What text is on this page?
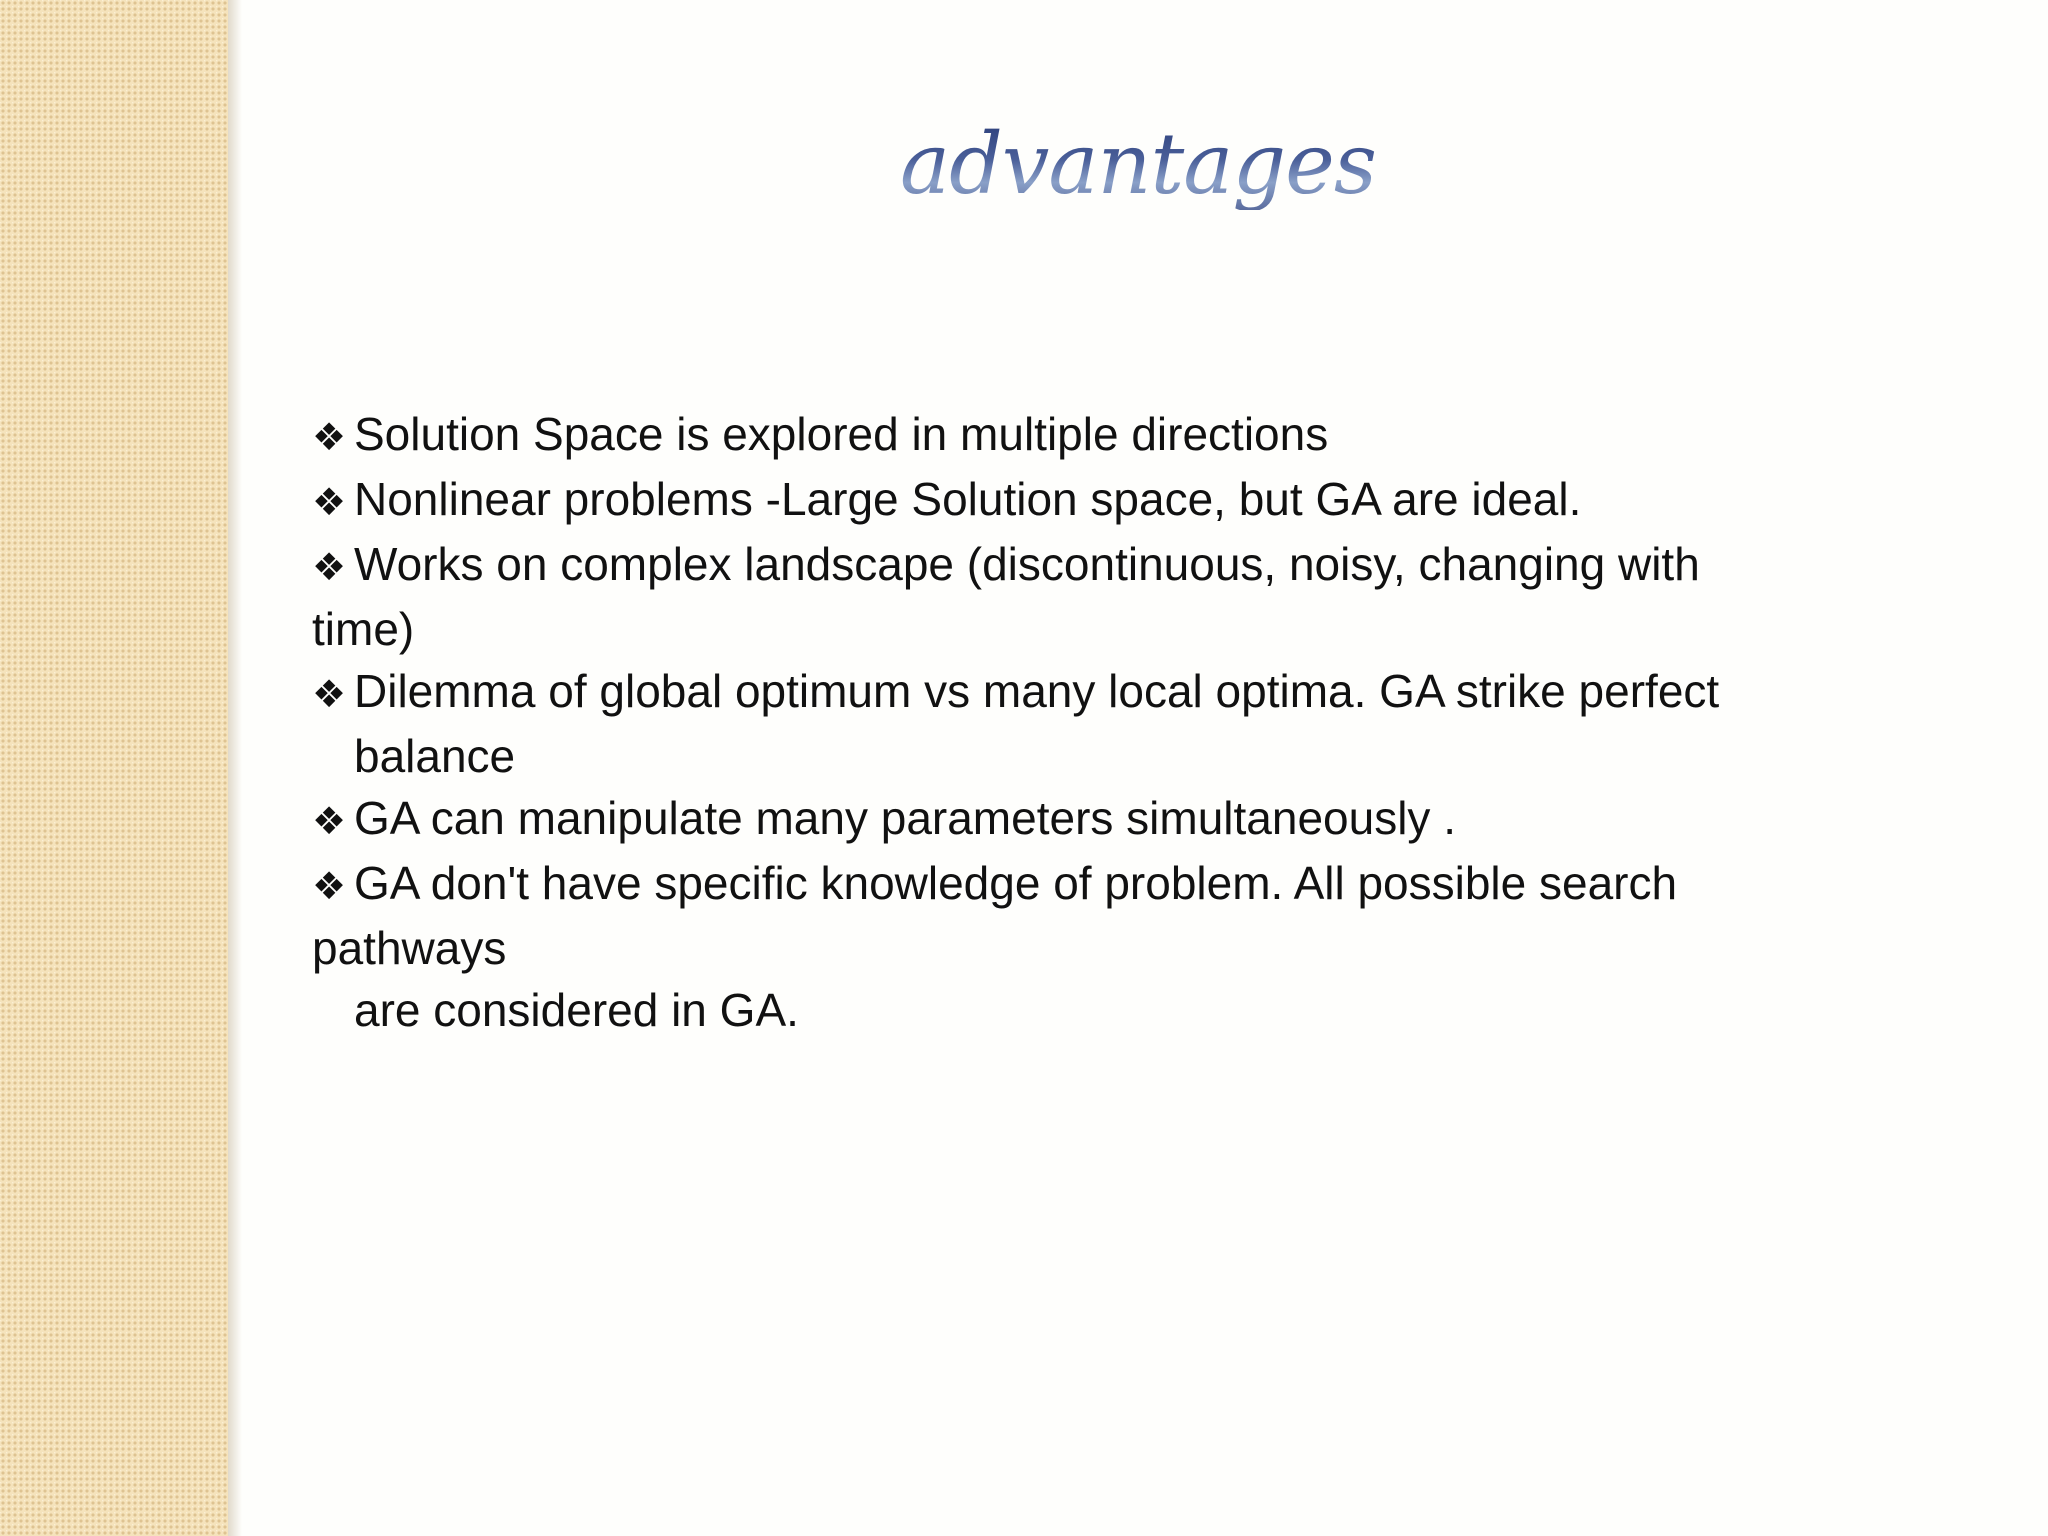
advantages

❖ Solution Space is explored in multiple directions

❖ Nonlinear problems -Large Solution space, but GA are ideal.

❖ Works on complex landscape (discontinuous, noisy, changing with
time)

❖ Dilemma of global optimum vs many local optima. GA strike perfect
balance

❖ GA can manipulate many parameters simultaneously .

❖ GA don't have specific knowledge of problem. All possible search
pathways
are considered in GA.
